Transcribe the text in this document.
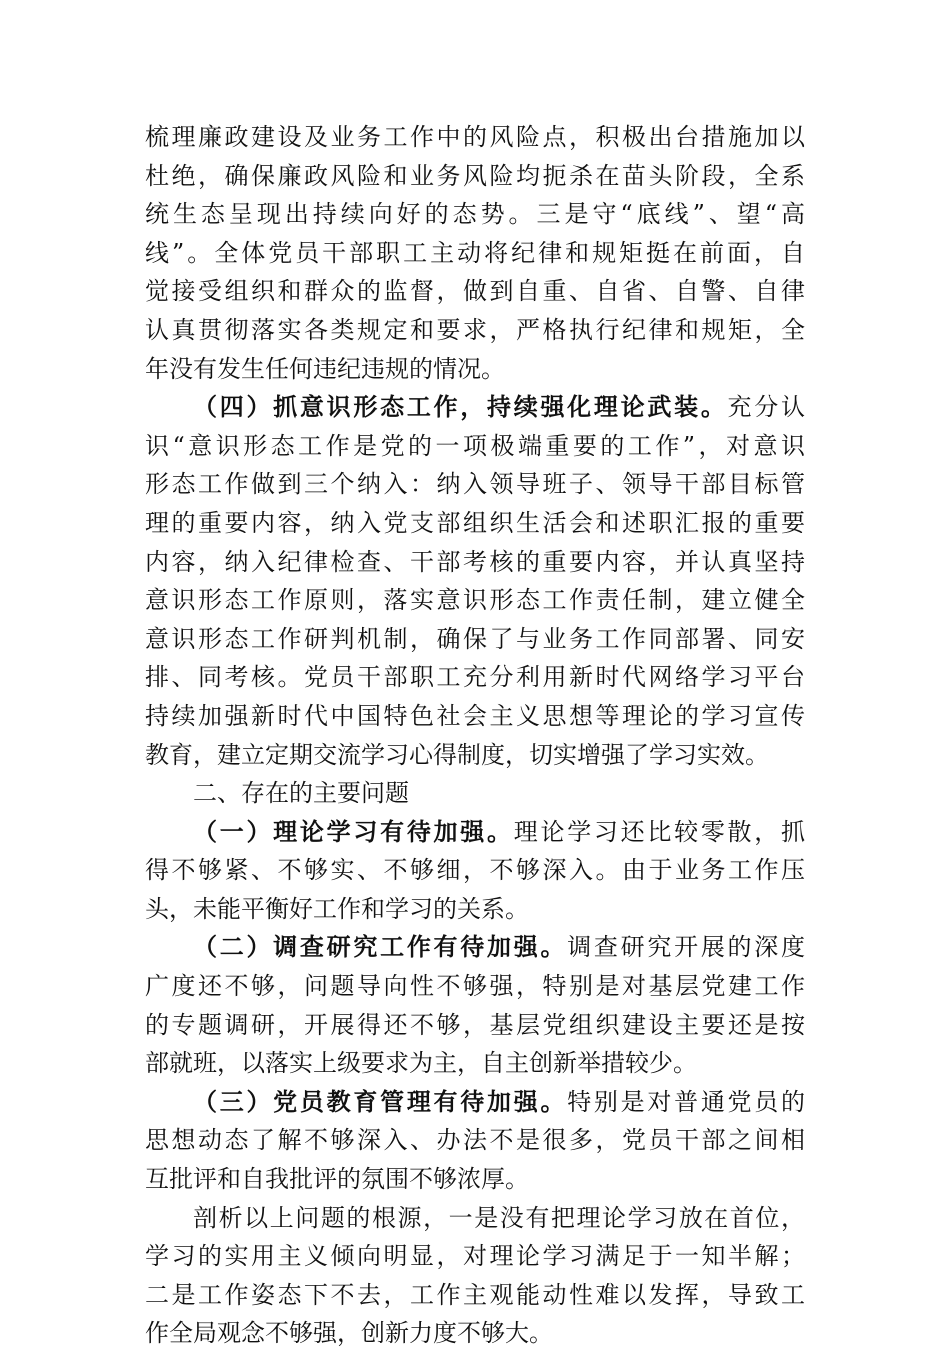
梳理廉政建设及业务工作中的风险点，积极出台措施加以
杜绝，确保廉政风险和业务风险均扼杀在苗头阶段，全系
统生态呈现出持续向好的态势。三是守“底线”、望“高
线”。全体党员干部职工主动将纪律和规矩挺在前面，自
觉接受组织和群众的监督，做到自重、自省、自警、自律
认真贯彻落实各类规定和要求，严格执行纪律和规矩，全
年没有发生任何违纪违规的情况。
（四）抓意识形态工作，持续强化理论武装。充分认
识“意识形态工作是党的一项极端重要的工作”，对意识
形态工作做到三个纳入：纳入领导班子、领导干部目标管
理的重要内容，纳入党支部组织生活会和述职汇报的重要
内容，纳入纪律检查、干部考核的重要内容，并认真坚持
意识形态工作原则，落实意识形态工作责任制，建立健全
意识形态工作研判机制，确保了与业务工作同部署、同安
排、同考核。党员干部职工充分利用新时代网络学习平台
持续加强新时代中国特色社会主义思想等理论的学习宣传
教育，建立定期交流学习心得制度，切实增强了学习实效。
二、存在的主要问题
（一）理论学习有待加强。理论学习还比较零散，抓
得不够紧、不够实、不够细，不够深入。由于业务工作压
头，未能平衡好工作和学习的关系。
（二）调查研究工作有待加强。调查研究开展的深度
广度还不够，问题导向性不够强，特别是对基层党建工作
的专题调研，开展得还不够，基层党组织建设主要还是按
部就班，以落实上级要求为主，自主创新举措较少。
（三）党员教育管理有待加强。特别是对普通党员的
思想动态了解不够深入、办法不是很多，党员干部之间相
互批评和自我批评的氛围不够浓厚。
剖析以上问题的根源，一是没有把理论学习放在首位，
学习的实用主义倾向明显，对理论学习满足于一知半解；
二是工作姿态下不去，工作主观能动性难以发挥，导致工
作全局观念不够强，创新力度不够大。
